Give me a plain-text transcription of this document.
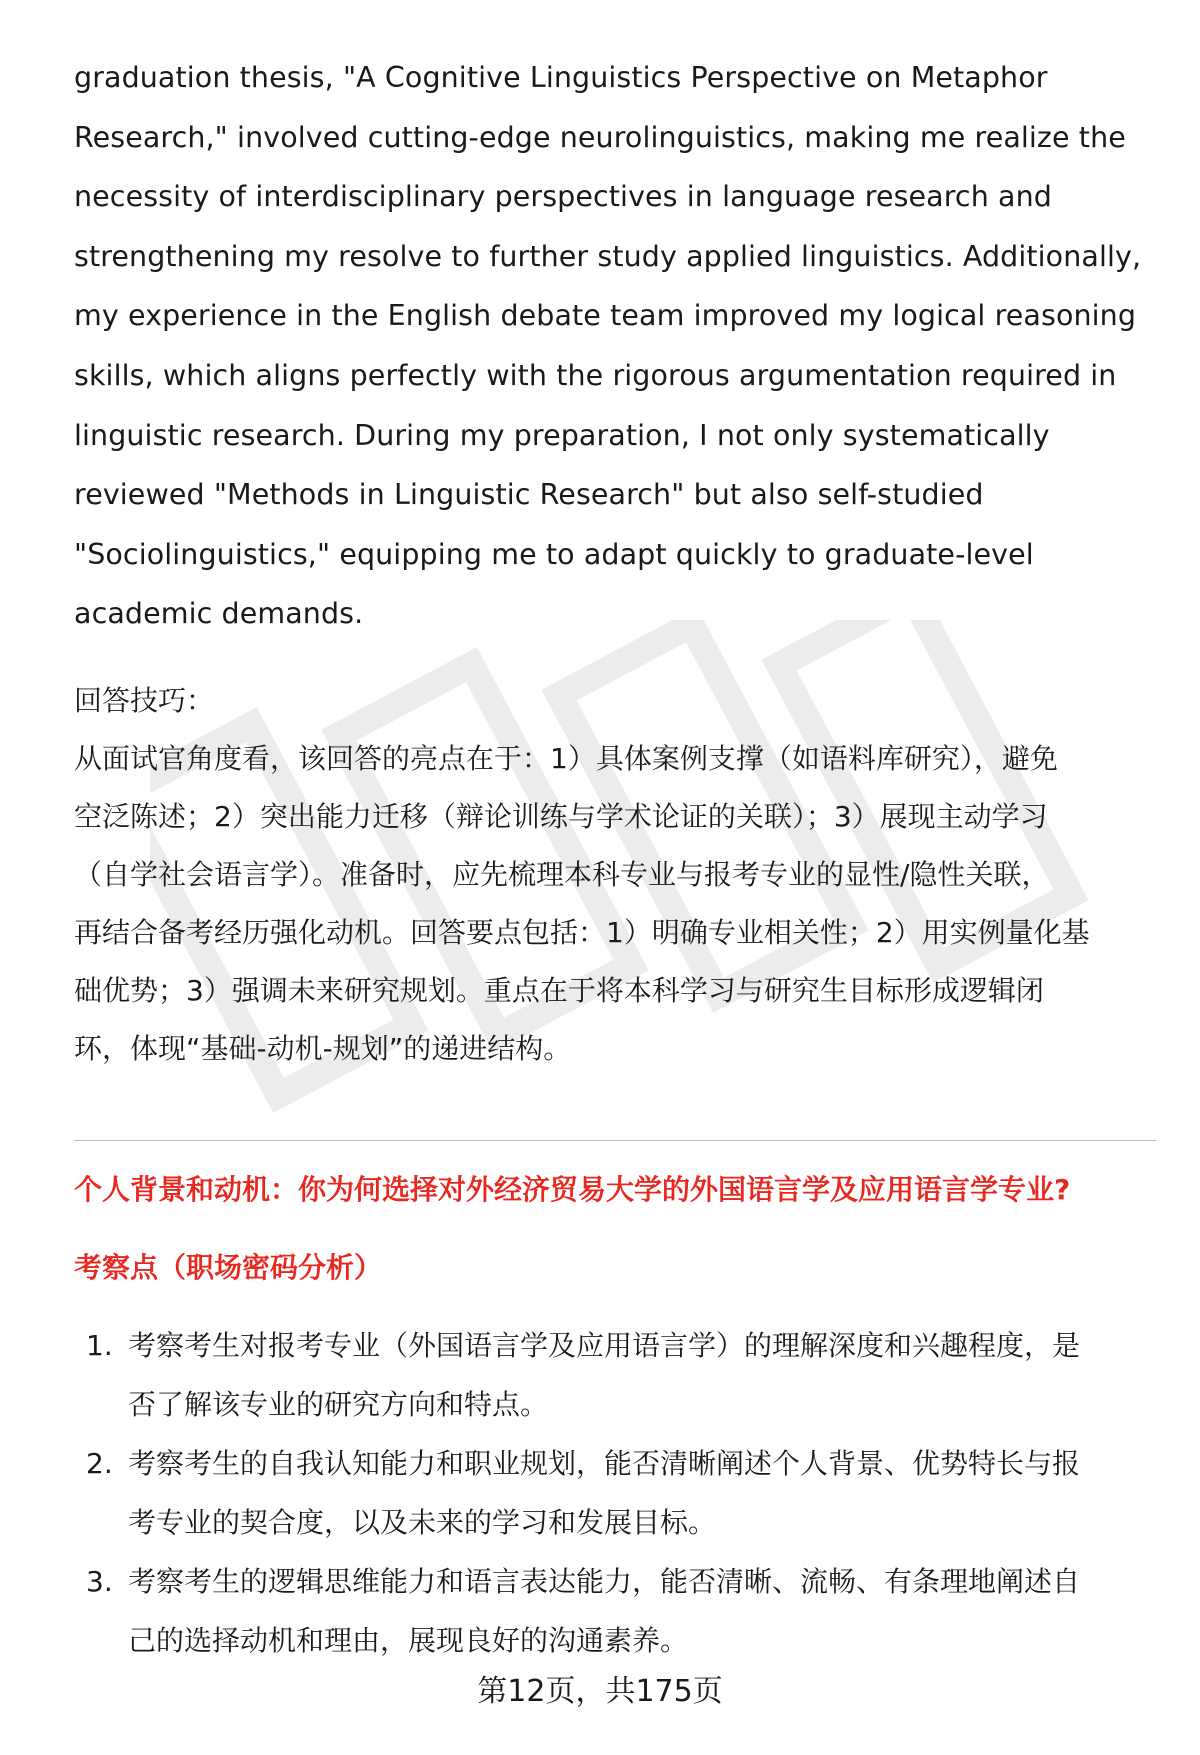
graduation thesis, "A Cognitive Linguistics Perspective on Metaphor
Research," involved cutting-edge neurolinguistics, making me realize the
necessity of interdisciplinary perspectives in language research and
strengthening my resolve to further study applied linguistics. Additionally,
my experience in the English debate team improved my logical reasoning
skills, which aligns perfectly with the rigorous argumentation required in
linguistic research. During my preparation, I not only systematically
reviewed "Methods in Linguistic Research" but also self-studied
"Sociolinguistics," equipping me to adapt quickly to graduate-level
academic demands.

回答技巧：
从面试官角度看，该回答的亮点在于：1）具体案例支撑（如语料库研究），避免
空泛陈述；2）突出能力迁移（辩论训练与学术论证的关联）；3）展现主动学习
（自学社会语言学）。准备时，应先梳理本科专业与报考专业的显性/隐性关联，
再结合备考经历强化动机。回答要点包括：1）明确专业相关性；2）用实例量化基
础优势；3）强调未来研究规划。重点在于将本科学习与研究生目标形成逻辑闭
环，体现“基础-动机-规划”的递进结构。
个人背景和动机：你为何选择对外经济贸易大学的外国语言学及应用语言学专业?
考察点（职场密码分析）
1. 考察考生对报考专业（外国语言学及应用语言学）的理解深度和兴趣程度，是
否了解该专业的研究方向和特点。
2. 考察考生的自我认知能力和职业规划，能否清晰阐述个人背景、优势特长与报
考专业的契合度，以及未来的学习和发展目标。
3. 考察考生的逻辑思维能力和语言表达能力，能否清晰、流畅、有条理地阐述自
己的选择动机和理由，展现良好的沟通素养。
第12页，共175页
